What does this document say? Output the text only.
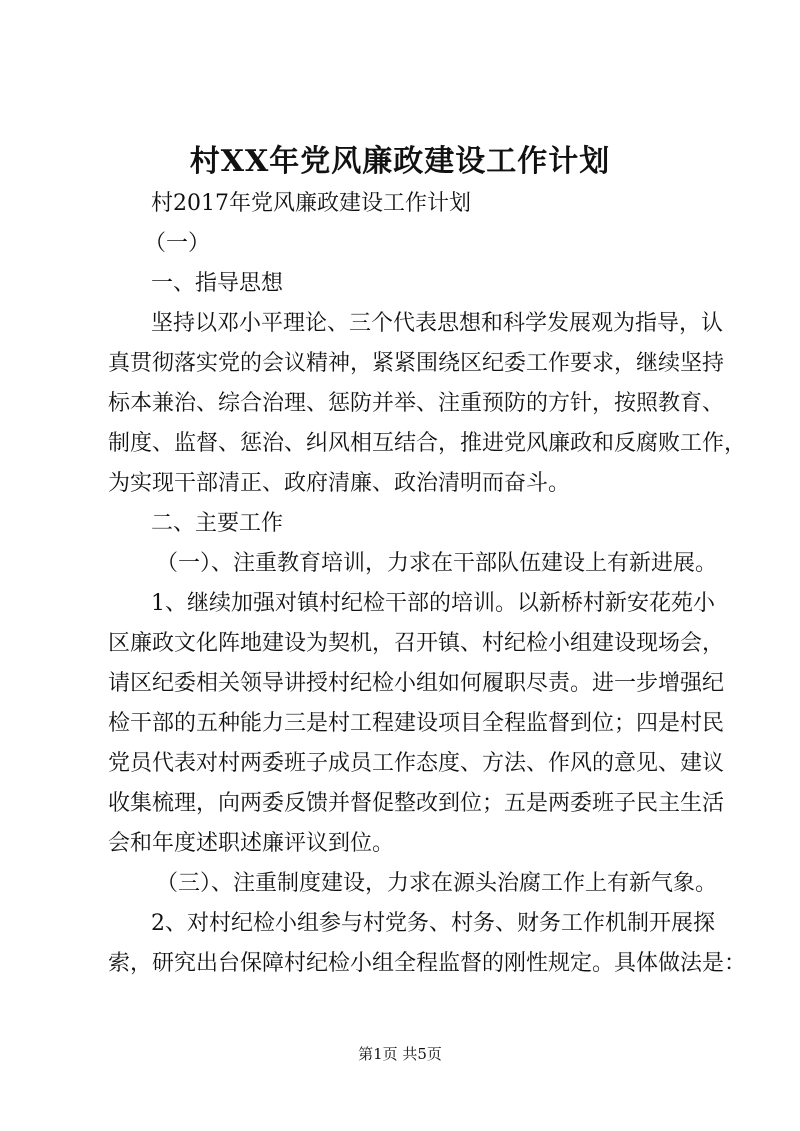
村XX年党风廉政建设工作计划
村2017年党风廉政建设工作计划
（一）
一、指导思想
坚持以邓小平理论、三个代表思想和科学发展观为指导，认
真贯彻落实党的会议精神，紧紧围绕区纪委工作要求，继续坚持
标本兼治、综合治理、惩防并举、注重预防的方针，按照教育、
制度、监督、惩治、纠风相互结合，推进党风廉政和反腐败工作，
为实现干部清正、政府清廉、政治清明而奋斗。
二、主要工作
（一）、注重教育培训，力求在干部队伍建设上有新进展。
1、继续加强对镇村纪检干部的培训。以新桥村新安花苑小
区廉政文化阵地建设为契机，召开镇、村纪检小组建设现场会，
请区纪委相关领导讲授村纪检小组如何履职尽责。进一步增强纪
检干部的五种能力三是村工程建设项目全程监督到位；四是村民
党员代表对村两委班子成员工作态度、方法、作风的意见、建议
收集梳理，向两委反馈并督促整改到位；五是两委班子民主生活
会和年度述职述廉评议到位。
（三）、注重制度建设，力求在源头治腐工作上有新气象。
2、对村纪检小组参与村党务、村务、财务工作机制开展探
索，研究出台保障村纪检小组全程监督的刚性规定。具体做法是：
第1页 共5页
